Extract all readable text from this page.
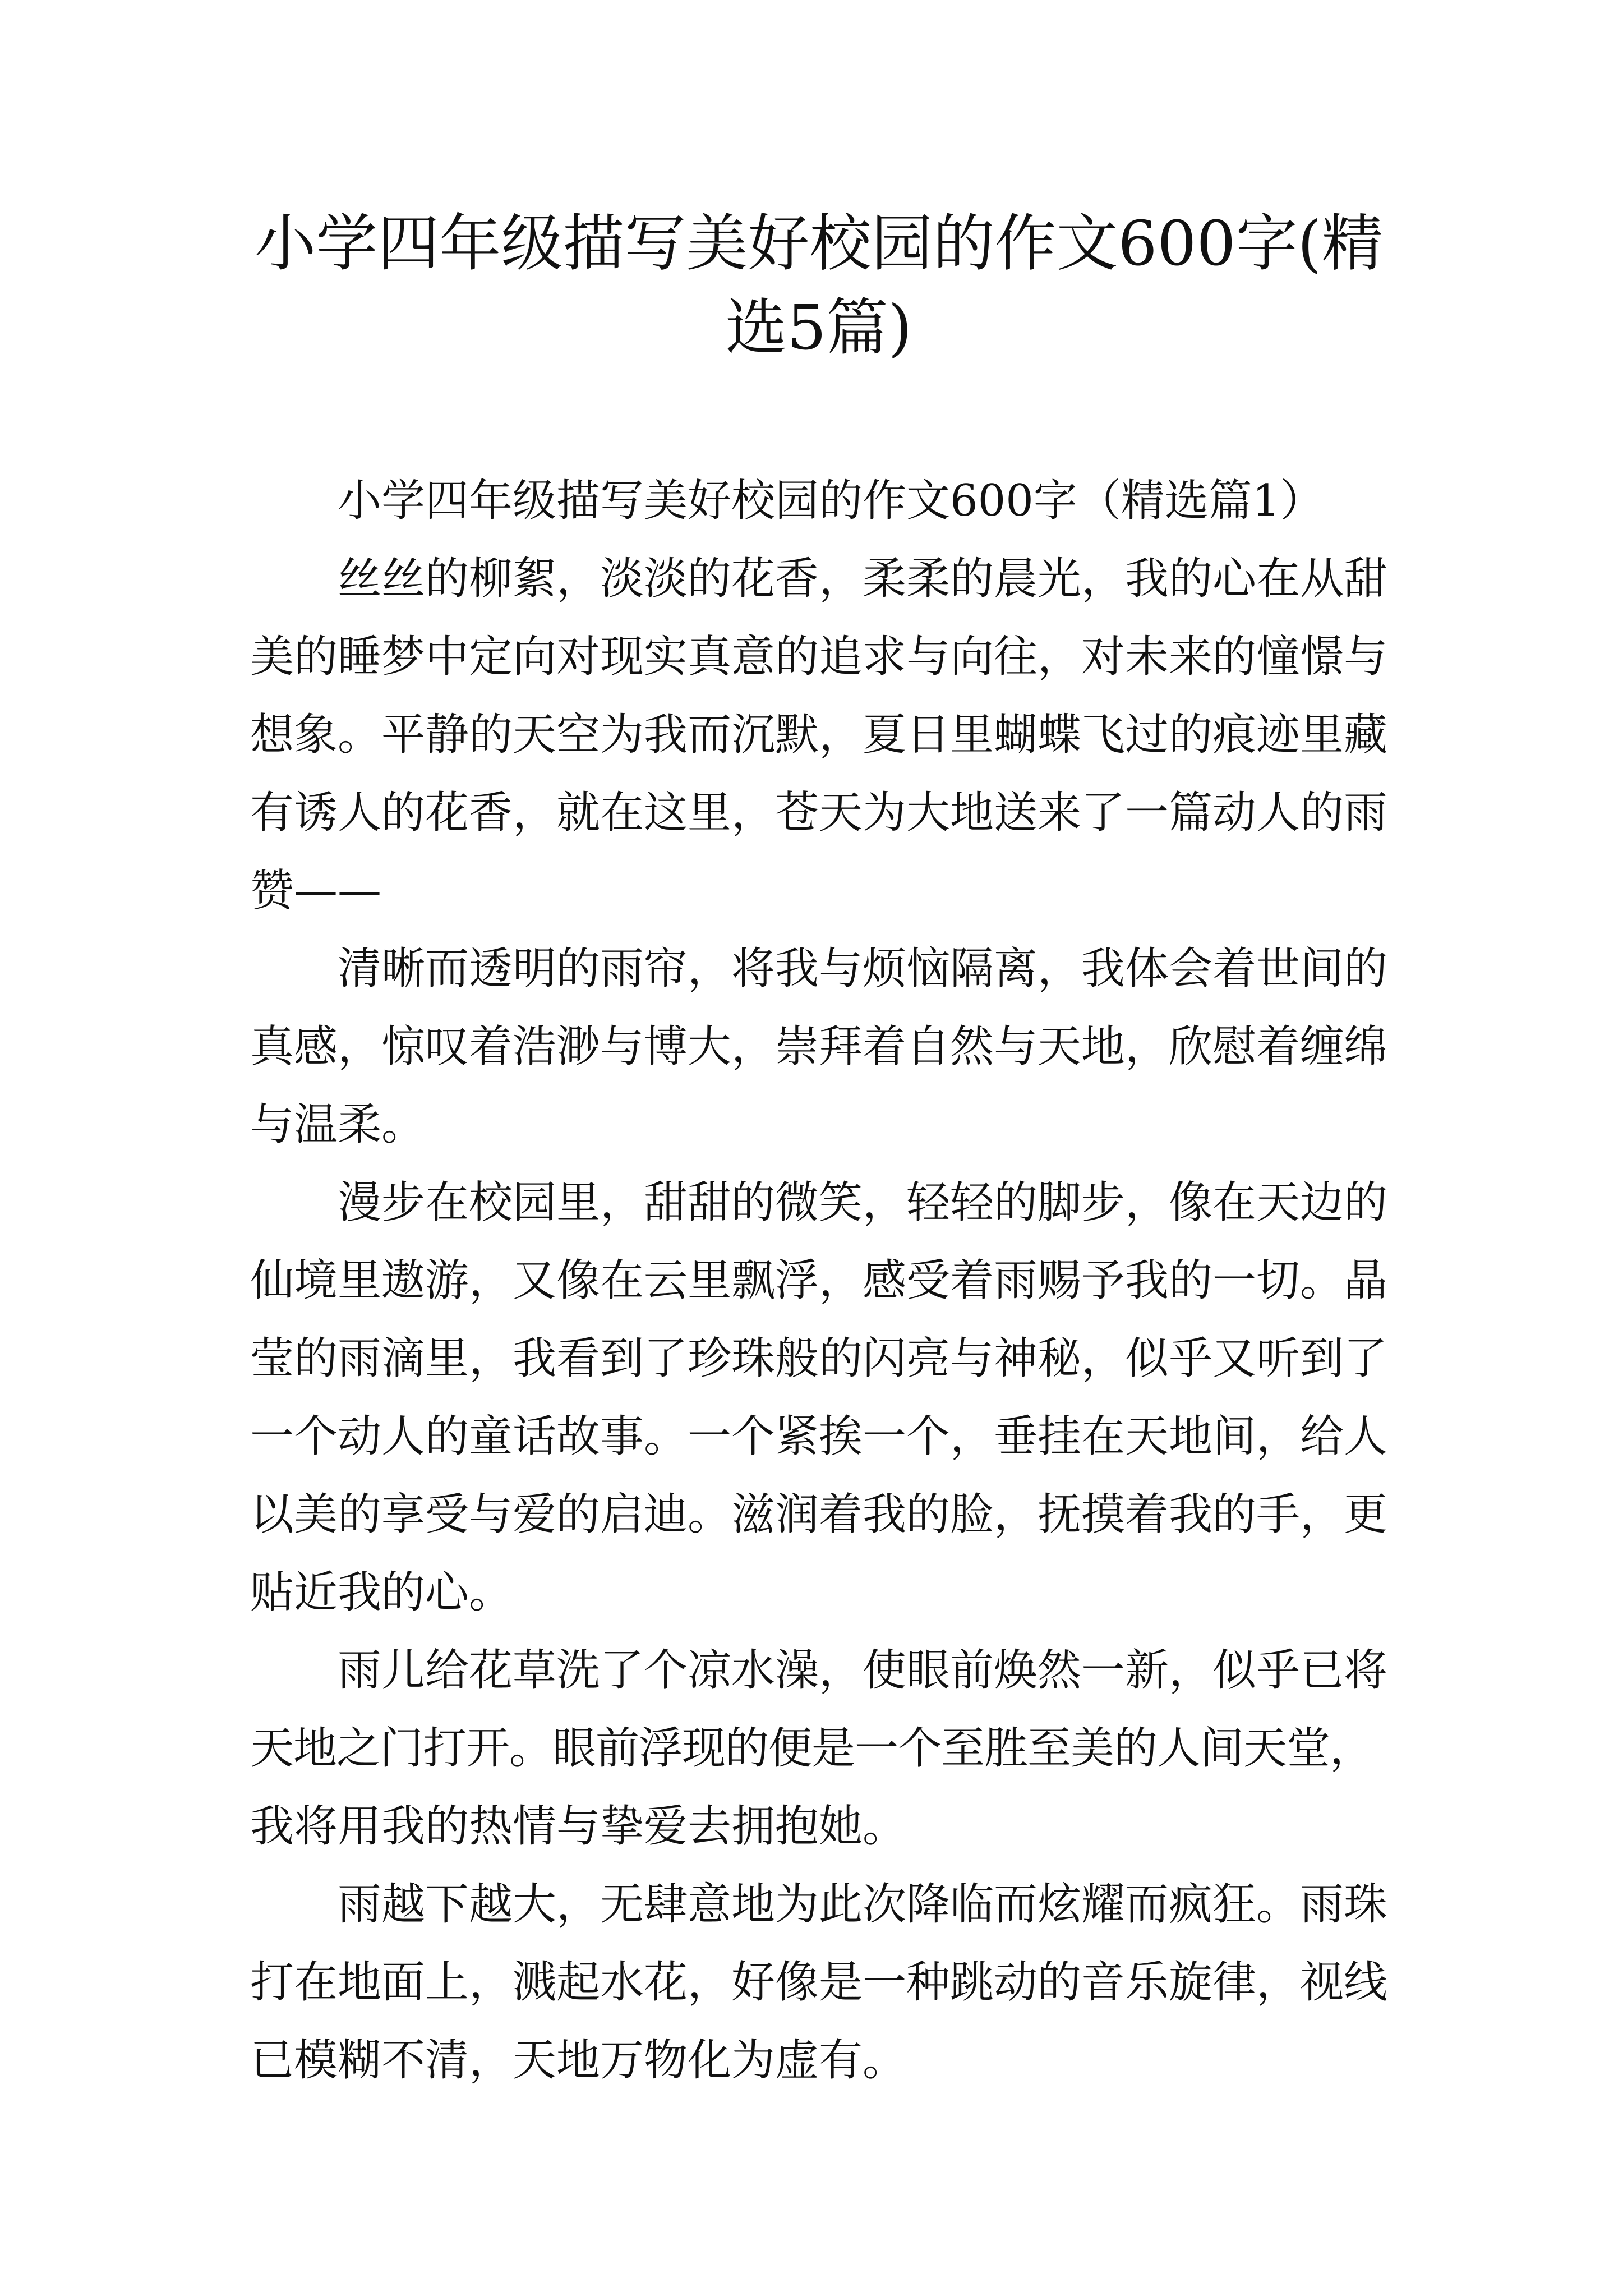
小学四年级描写美好校园的作文600字(精
选5篇)
小学四年级描写美好校园的作文600字（精选篇1）
丝丝的柳絮，淡淡的花香，柔柔的晨光，我的心在从甜
美的睡梦中定向对现实真意的追求与向往，对未来的憧憬与
想象。平静的天空为我而沉默，夏日里蝴蝶飞过的痕迹里藏
有诱人的花香，就在这里，苍天为大地送来了一篇动人的雨
赞——
清晰而透明的雨帘，将我与烦恼隔离，我体会着世间的
真感，惊叹着浩渺与博大，崇拜着自然与天地，欣慰着缠绵
与温柔。
漫步在校园里，甜甜的微笑，轻轻的脚步，像在天边的
仙境里遨游，又像在云里飘浮，感受着雨赐予我的一切。晶
莹的雨滴里，我看到了珍珠般的闪亮与神秘，似乎又听到了
一个动人的童话故事。一个紧挨一个，垂挂在天地间，给人
以美的享受与爱的启迪。滋润着我的脸，抚摸着我的手，更
贴近我的心。
雨儿给花草洗了个凉水澡，使眼前焕然一新，似乎已将
天地之门打开。眼前浮现的便是一个至胜至美的人间天堂，
我将用我的热情与挚爱去拥抱她。
雨越下越大，无肆意地为此次降临而炫耀而疯狂。雨珠
打在地面上，溅起水花，好像是一种跳动的音乐旋律，视线
已模糊不清，天地万物化为虚有。
